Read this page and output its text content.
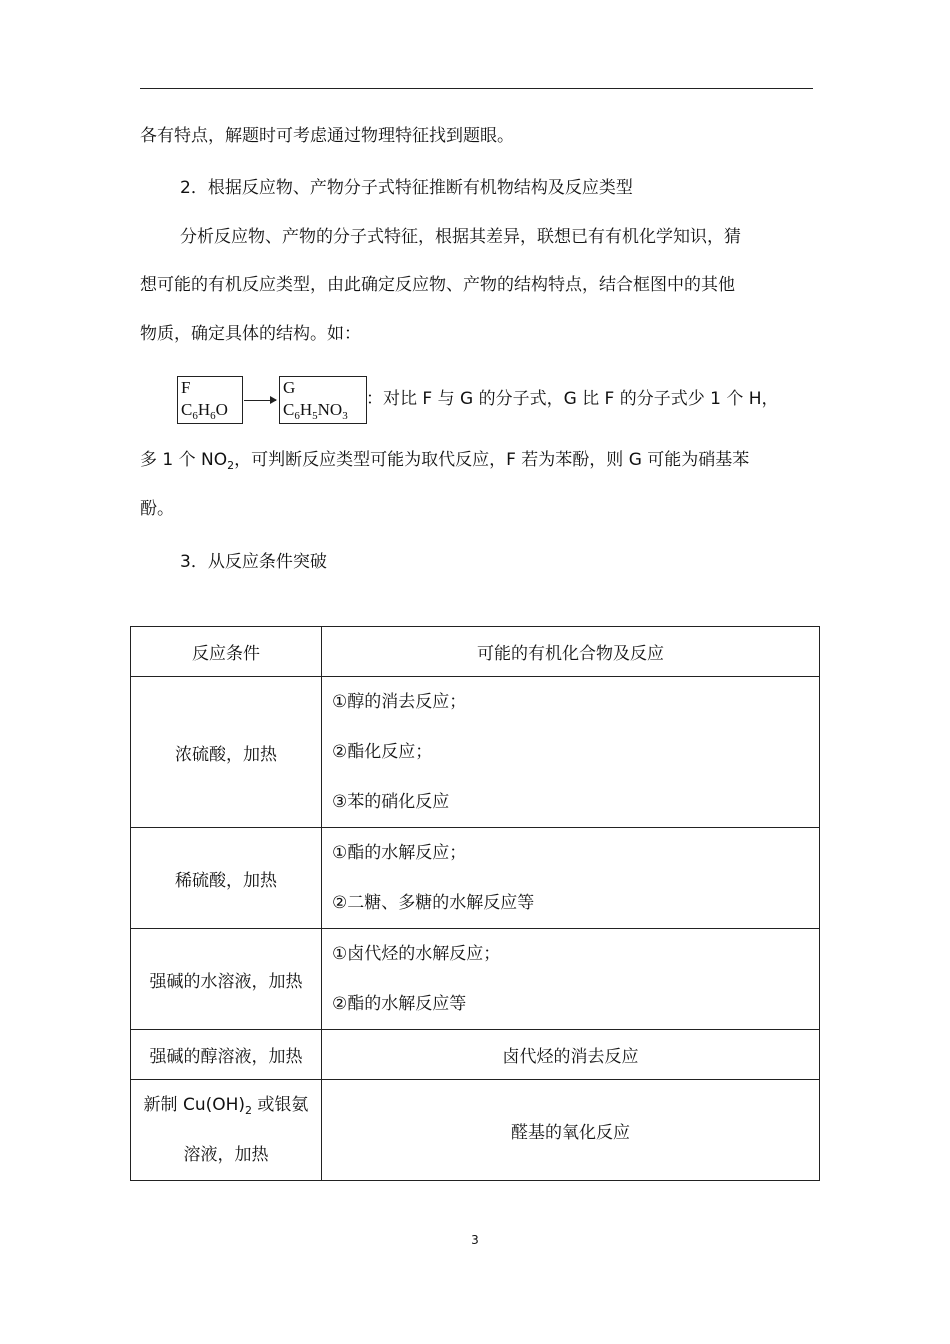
各有特点，解题时可考虑通过物理特征找到题眼。
2．根据反应物、产物分子式特征推断有机物结构及反应类型
分析反应物、产物的分子式特征，根据其差异，联想已有有机化学知识，猜
想可能的有机反应类型，由此确定反应物、产物的结构特点，结合框图中的其他
物质，确定具体的结构。如：
F
$C_6H_6O$	→
G
$C_6H_5NO_3$
：对比 F 与 G 的分子式，G 比 F 的分子式少 1 个 H，
多 1 个 $NO_2$，可判断反应类型可能为取代反应，F 若为苯酚，则 G 可能为硝基苯
酚。
3．从反应条件突破
反应条件	可能的有机化合物及反应
浓硫酸，加热	①醇的消去反应；
②酯化反应；
③苯的硝化反应

稀硫酸，加热	①酯的水解反应；
②二糖、多糖的水解反应等

强碱的水溶液，加热	①卤代烃的水解反应；
②酯的水解反应等

强碱的醇溶液，加热	卤代烃的消去反应

新制 $Cu(OH)_2$ 或银氨
溶液，加热	醛基的氧化反应
3
